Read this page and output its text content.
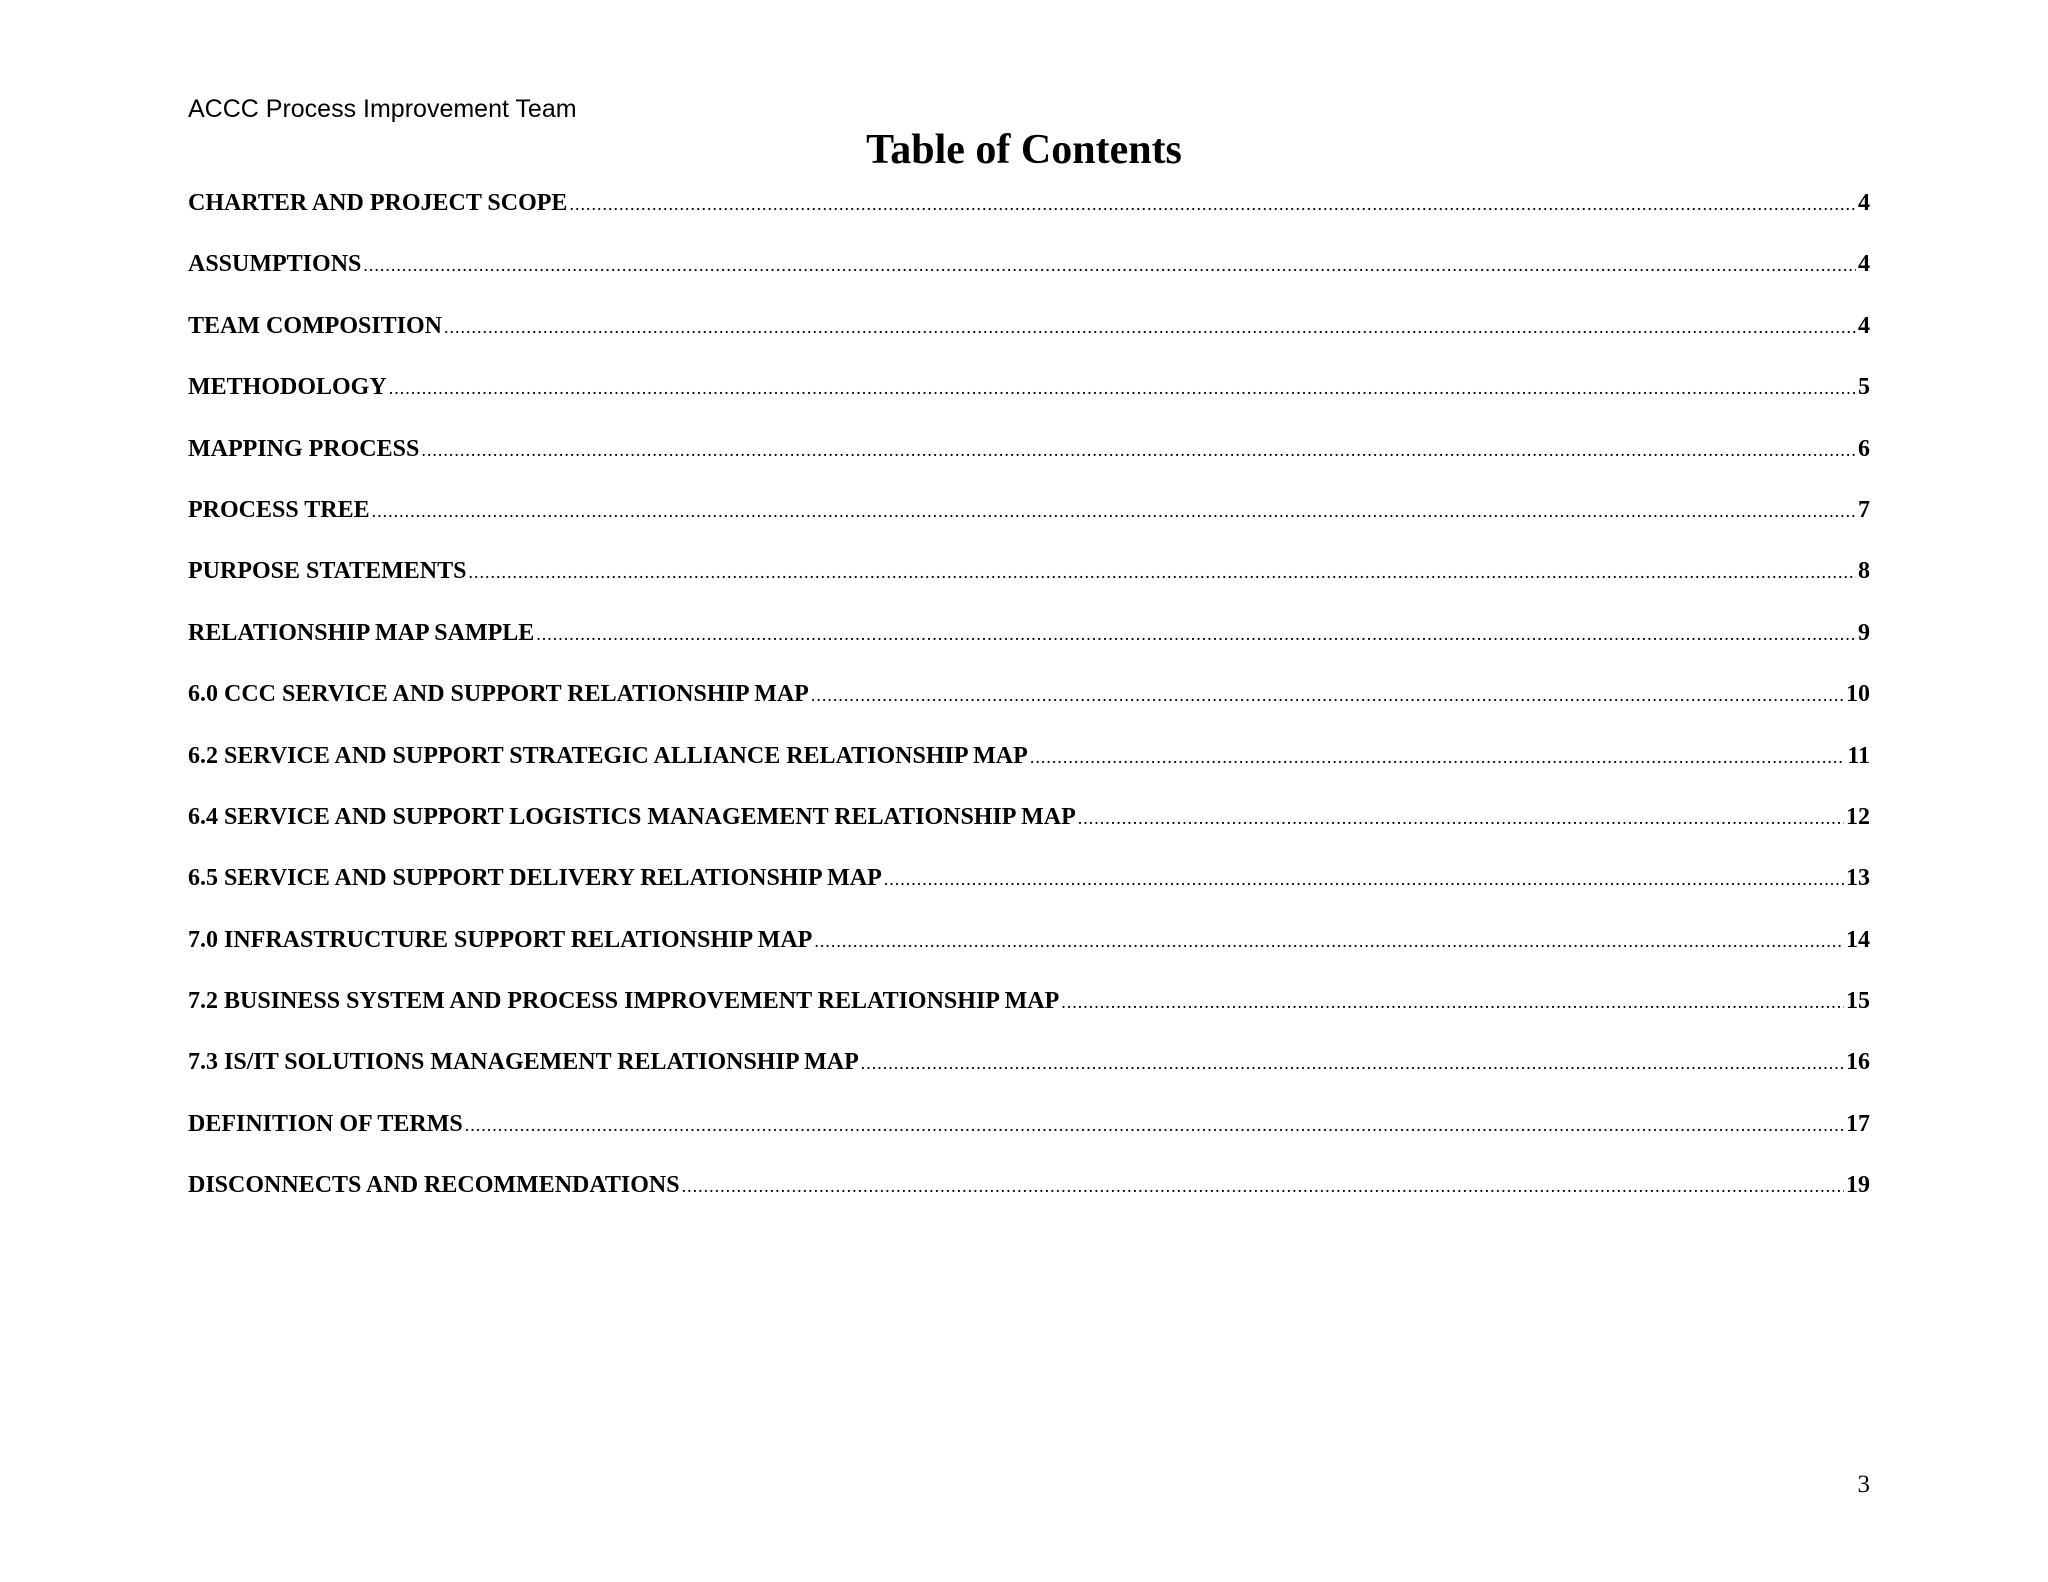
ACCC Process Improvement Team
Table of Contents
CHARTER AND PROJECT SCOPE .....	4
ASSUMPTIONS .....	4
TEAM COMPOSITION .....	4
METHODOLOGY .....	5
MAPPING PROCESS .....	6
PROCESS TREE .....	7
PURPOSE STATEMENTS .....	8
RELATIONSHIP MAP SAMPLE .....	9
6.0 CCC SERVICE AND SUPPORT RELATIONSHIP MAP .....	10
6.2 SERVICE AND SUPPORT STRATEGIC ALLIANCE RELATIONSHIP MAP .....	11
6.4 SERVICE AND SUPPORT LOGISTICS MANAGEMENT RELATIONSHIP MAP .....	12
6.5 SERVICE AND SUPPORT DELIVERY RELATIONSHIP MAP .....	13
7.0 INFRASTRUCTURE SUPPORT RELATIONSHIP MAP .....	14
7.2 BUSINESS SYSTEM AND PROCESS IMPROVEMENT RELATIONSHIP MAP .....	15
7.3 IS/IT SOLUTIONS MANAGEMENT RELATIONSHIP MAP .....	16
DEFINITION OF TERMS .....	17
DISCONNECTS AND RECOMMENDATIONS .....	19
3
